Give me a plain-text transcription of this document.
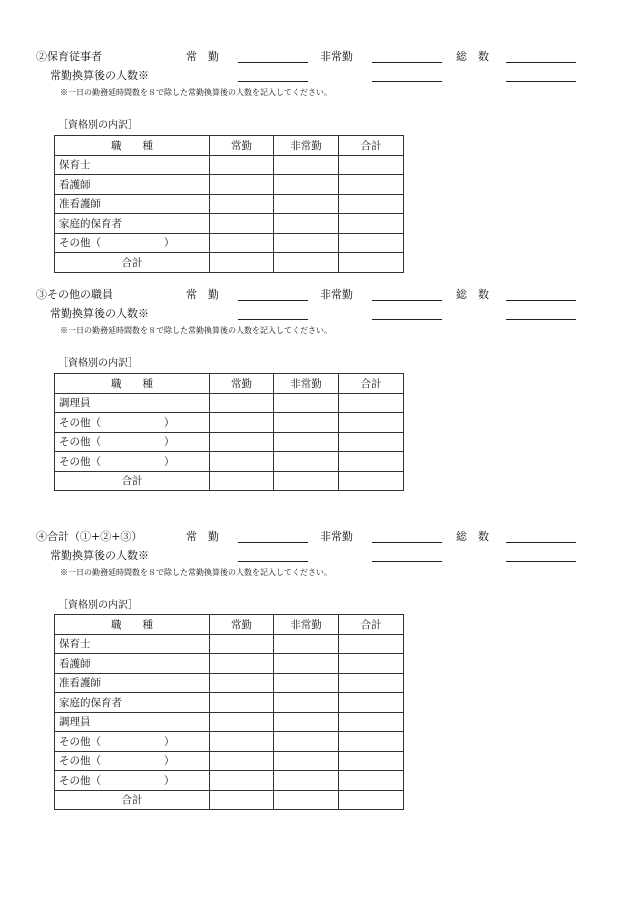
②保育従事者	常　勤	非常勤	総　数
常勤換算後の人数※
※一日の勤務延時間数を８で除した常勤換算後の人数を記入してください。
［資格別の内訳］
職　　種	常勤	非常勤	合計
保育士			
看護師			
准看護師			
家庭的保育者			
その他（　　　　　　）			
合計			
③その他の職員	常　勤	非常勤	総　数
常勤換算後の人数※
※一日の勤務延時間数を８で除した常勤換算後の人数を記入してください。
［資格別の内訳］
職　　種	常勤	非常勤	合計
調理員			
その他（　　　　　　）			
その他（　　　　　　）			
その他（　　　　　　）			
合計			
④合計（①+②+③）	常　勤	非常勤	総　数
常勤換算後の人数※
※一日の勤務延時間数を８で除した常勤換算後の人数を記入してください。
［資格別の内訳］
職　　種	常勤	非常勤	合計
保育士			
看護師			
准看護師			
家庭的保育者			
調理員			
その他（　　　　　　）			
その他（　　　　　　）			
その他（　　　　　　）			
合計			
